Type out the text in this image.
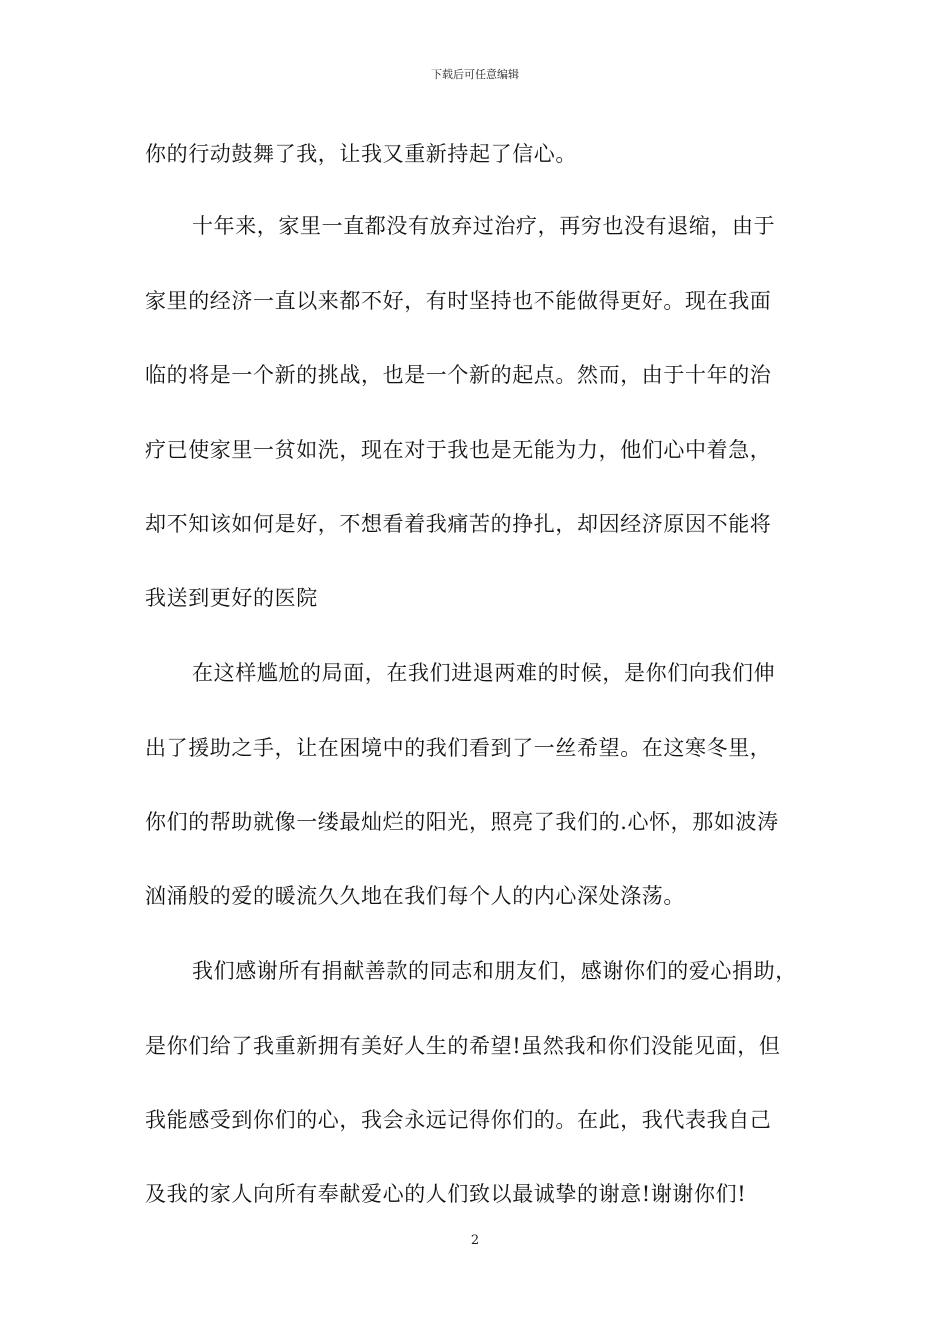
下载后可任意编辑
你的行动鼓舞了我，让我又重新持起了信心。
十年来，家里一直都没有放弃过治疗，再穷也没有退缩，由于
家里的经济一直以来都不好，有时坚持也不能做得更好。现在我面
临的将是一个新的挑战，也是一个新的起点。然而，由于十年的治
疗已使家里一贫如洗，现在对于我也是无能为力，他们心中着急，
却不知该如何是好，不想看着我痛苦的挣扎，却因经济原因不能将
我送到更好的医院
在这样尴尬的局面，在我们进退两难的时候，是你们向我们伸
出了援助之手，让在困境中的我们看到了一丝希望。在这寒冬里，
你们的帮助就像一缕最灿烂的阳光，照亮了我们的.心怀，那如波涛
汹涌般的爱的暖流久久地在我们每个人的内心深处涤荡。
我们感谢所有捐献善款的同志和朋友们，感谢你们的爱心捐助，
是你们给了我重新拥有美好人生的希望!虽然我和你们没能见面，但
我能感受到你们的心，我会永远记得你们的。在此，我代表我自己
及我的家人向所有奉献爱心的人们致以最诚挚的谢意!谢谢你们!
2
